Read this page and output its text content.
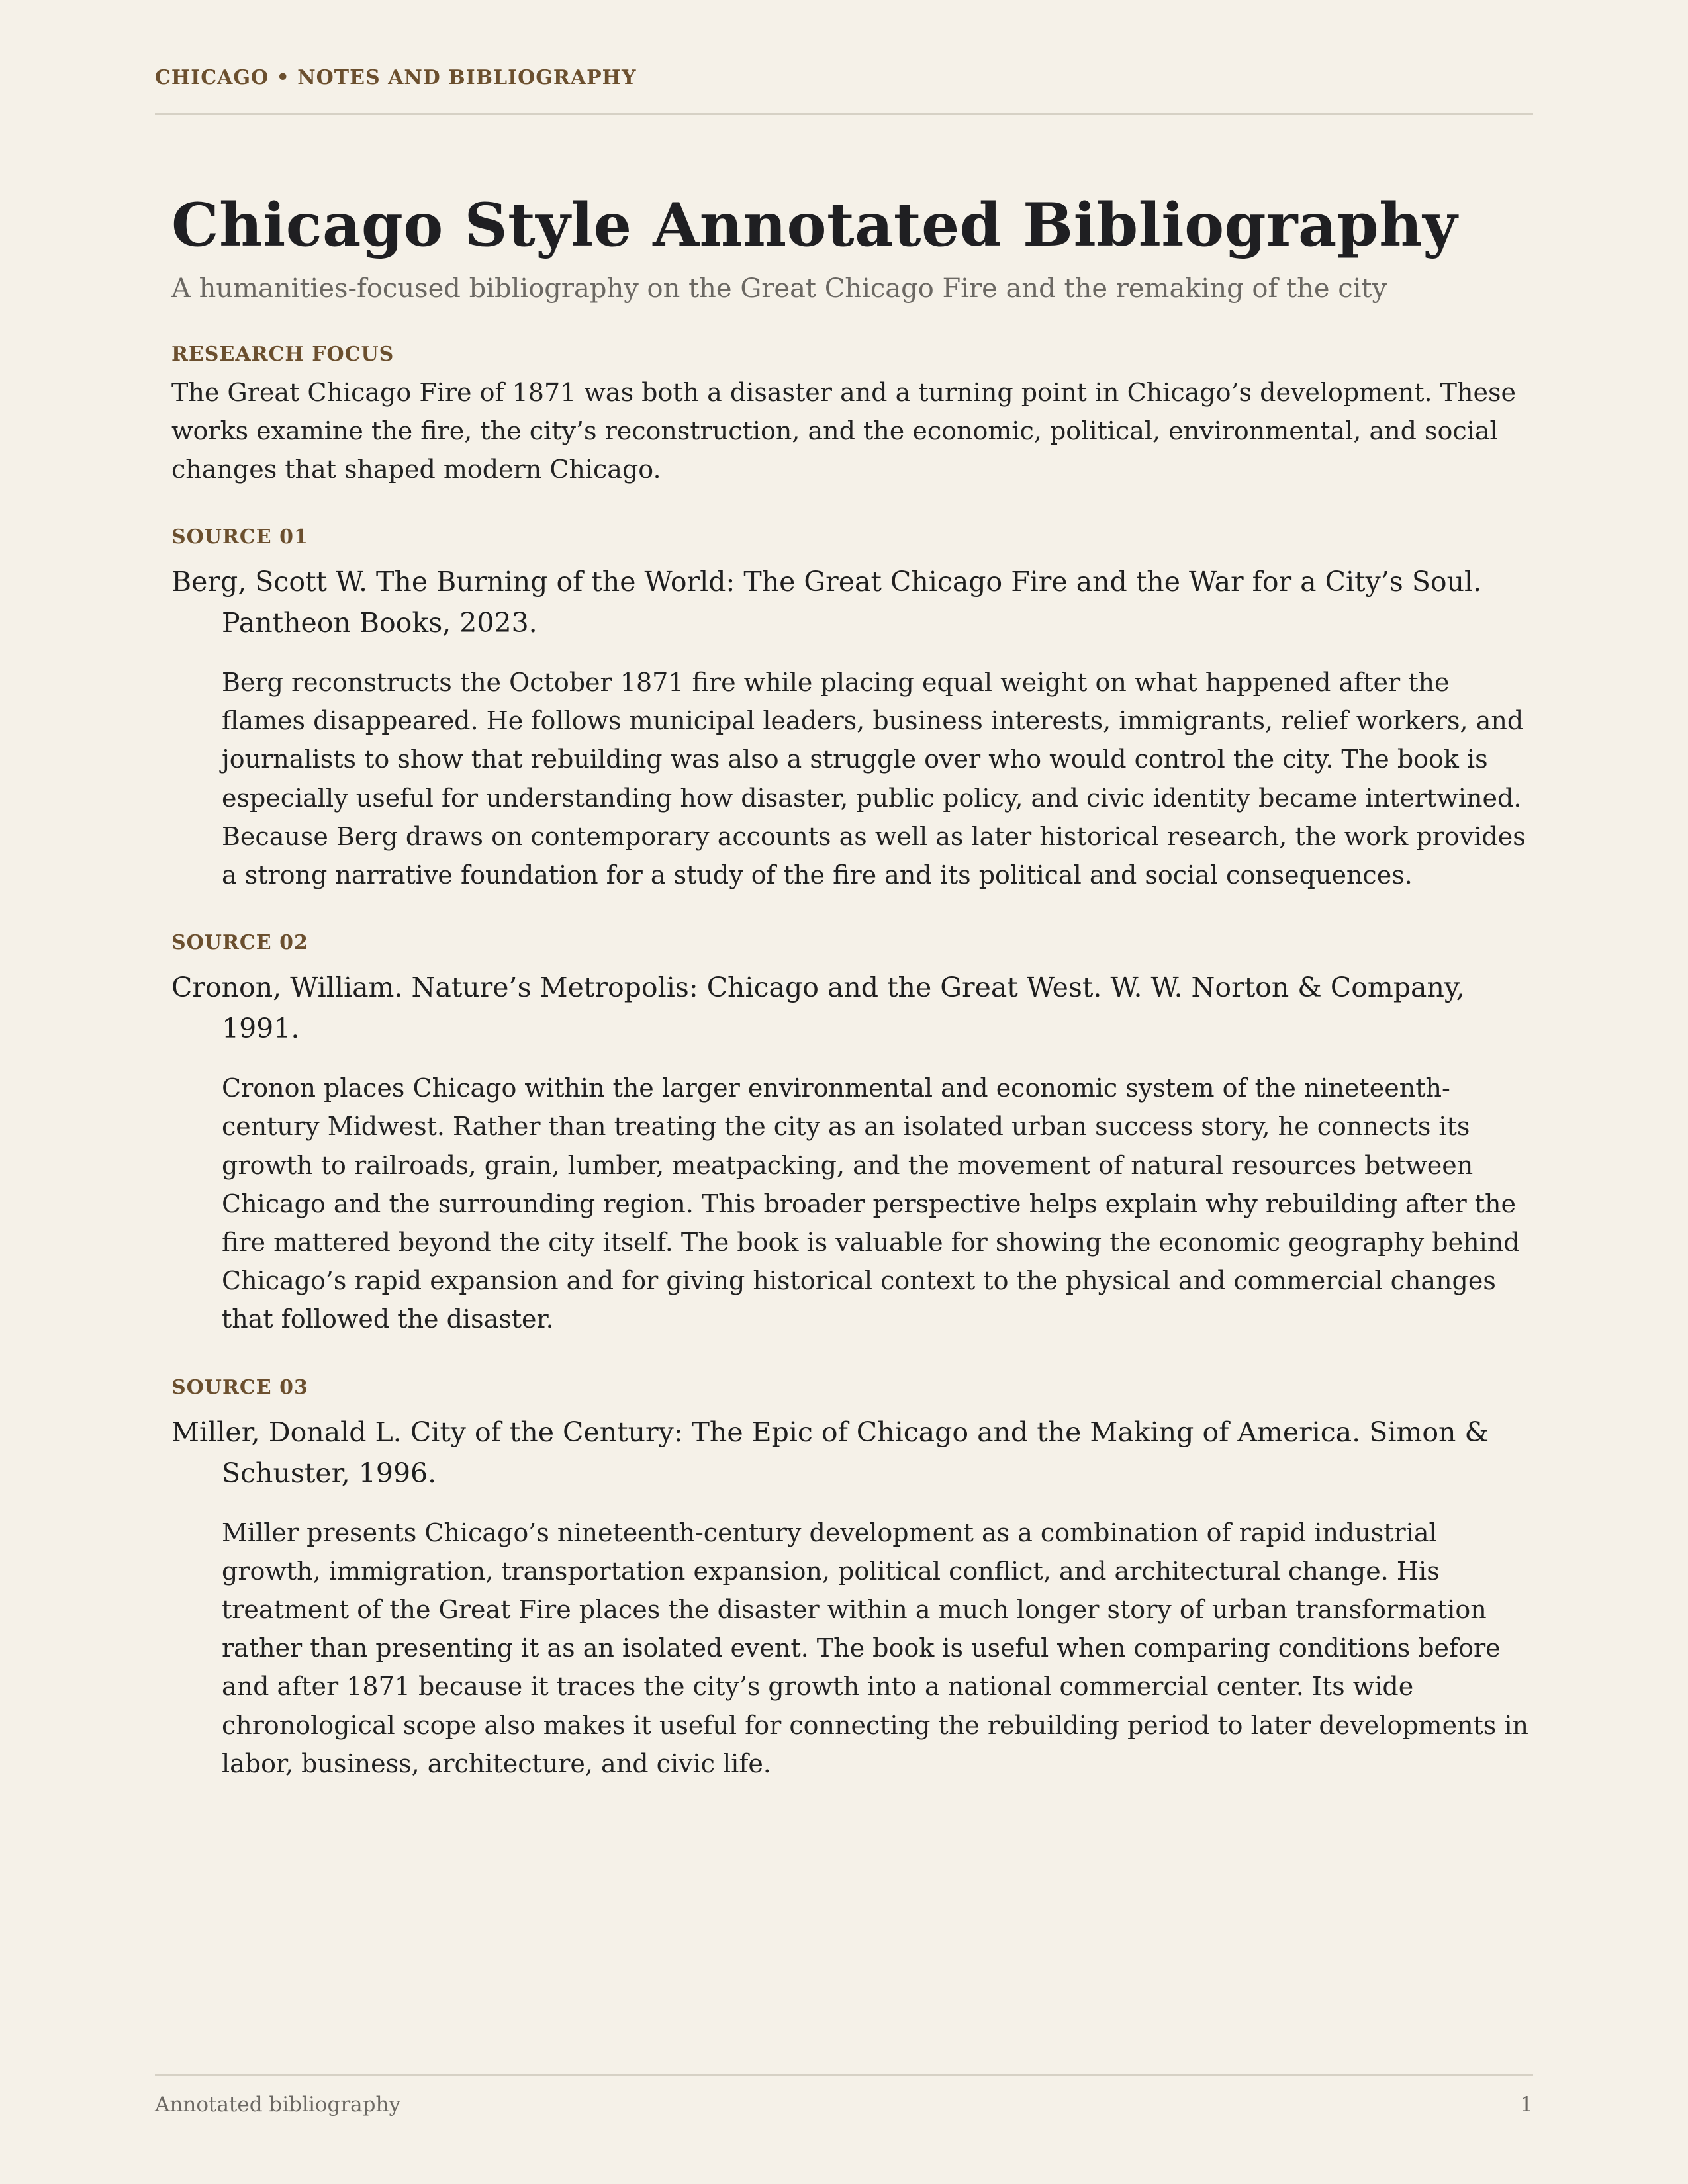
CHICAGO • NOTES AND BIBLIOGRAPHY
Chicago Style Annotated Bibliography

A humanities-focused bibliography on the Great Chicago Fire and the remaking of the city

RESEARCH FOCUS

The Great Chicago Fire of 1871 was both a disaster and a turning point in Chicago’s development. These works examine the fire, the city’s reconstruction, and the economic, political, environmental, and social changes that shaped modern Chicago.

SOURCE 01

Berg, Scott W. The Burning of the World: The Great Chicago Fire and the War for a City’s Soul. Pantheon Books, 2023.

Berg reconstructs the October 1871 fire while placing equal weight on what happened after the flames disappeared. He follows municipal leaders, business interests, immigrants, relief workers, and journalists to show that rebuilding was also a struggle over who would control the city. The book is especially useful for understanding how disaster, public policy, and civic identity became intertwined. Because Berg draws on contemporary accounts as well as later historical research, the work provides a strong narrative foundation for a study of the fire and its political and social consequences.

SOURCE 02

Cronon, William. Nature’s Metropolis: Chicago and the Great West. W. W. Norton & Company, 1991.

Cronon places Chicago within the larger environmental and economic system of the nineteenth-century Midwest. Rather than treating the city as an isolated urban success story, he connects its growth to railroads, grain, lumber, meatpacking, and the movement of natural resources between Chicago and the surrounding region. This broader perspective helps explain why rebuilding after the fire mattered beyond the city itself. The book is valuable for showing the economic geography behind Chicago’s rapid expansion and for giving historical context to the physical and commercial changes that followed the disaster.

SOURCE 03

Miller, Donald L. City of the Century: The Epic of Chicago and the Making of America. Simon & Schuster, 1996.

Miller presents Chicago’s nineteenth-century development as a combination of rapid industrial growth, immigration, transportation expansion, political conflict, and architectural change. His treatment of the Great Fire places the disaster within a much longer story of urban transformation rather than presenting it as an isolated event. The book is useful when comparing conditions before and after 1871 because it traces the city’s growth into a national commercial center. Its wide chronological scope also makes it useful for connecting the rebuilding period to later developments in labor, business, architecture, and civic life.

Annotated bibliography	1
